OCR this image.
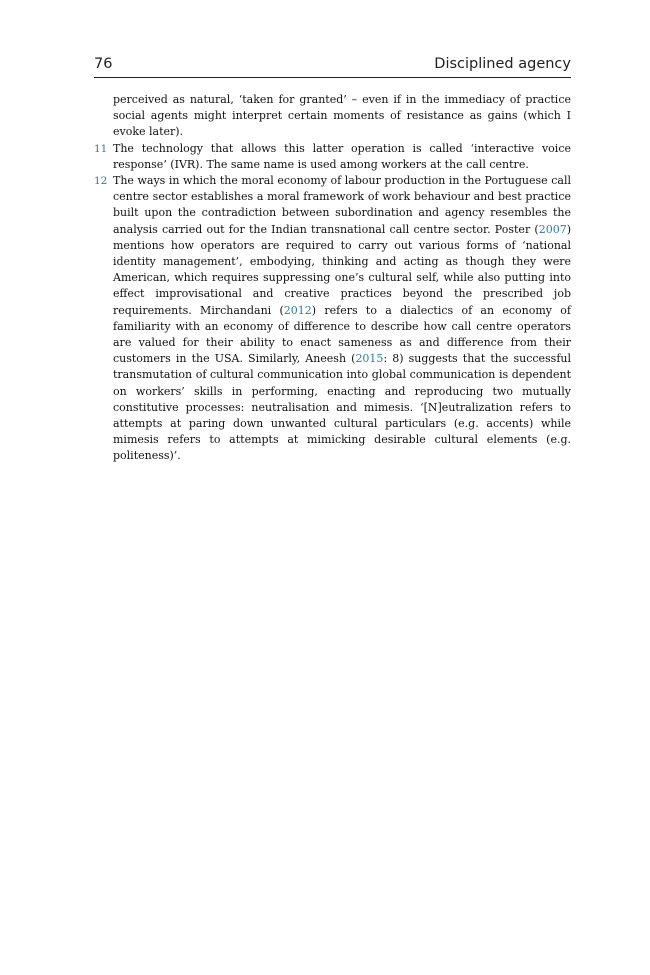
76	Disciplined agency

perceived as natural, ‘taken for granted’ – even if in the immediacy of practice social agents might interpret certain moments of resistance as gains (which I evoke later).

11 The technology that allows this latter operation is called ‘interactive voice response’ (IVR). The same name is used among workers at the call centre.

12 The ways in which the moral economy of labour production in the Portuguese call centre sector establishes a moral framework of work behaviour and best practice built upon the contradiction between subordination and agency resembles the analysis carried out for the Indian transnational call centre sector. Poster (2007) mentions how operators are required to carry out various forms of ‘national identity management’, embodying, thinking and acting as though they were American, which requires suppressing one’s cultural self, while also putting into effect improvisational and creative practices beyond the prescribed job requirements. Mirchandani (2012) refers to a dialectics of an economy of familiarity with an economy of difference to describe how call centre operators are valued for their ability to enact sameness as and difference from their customers in the USA. Similarly, Aneesh (2015: 8) suggests that the successful transmutation of cultural communication into global communication is dependent on workers’ skills in performing, enacting and reproducing two mutually constitutive processes: neutralisation and mimesis. ‘[N]eutralization refers to attempts at paring down unwanted cultural particulars (e.g. accents) while mimesis refers to attempts at mimicking desirable cultural elements (e.g. politeness)’.
